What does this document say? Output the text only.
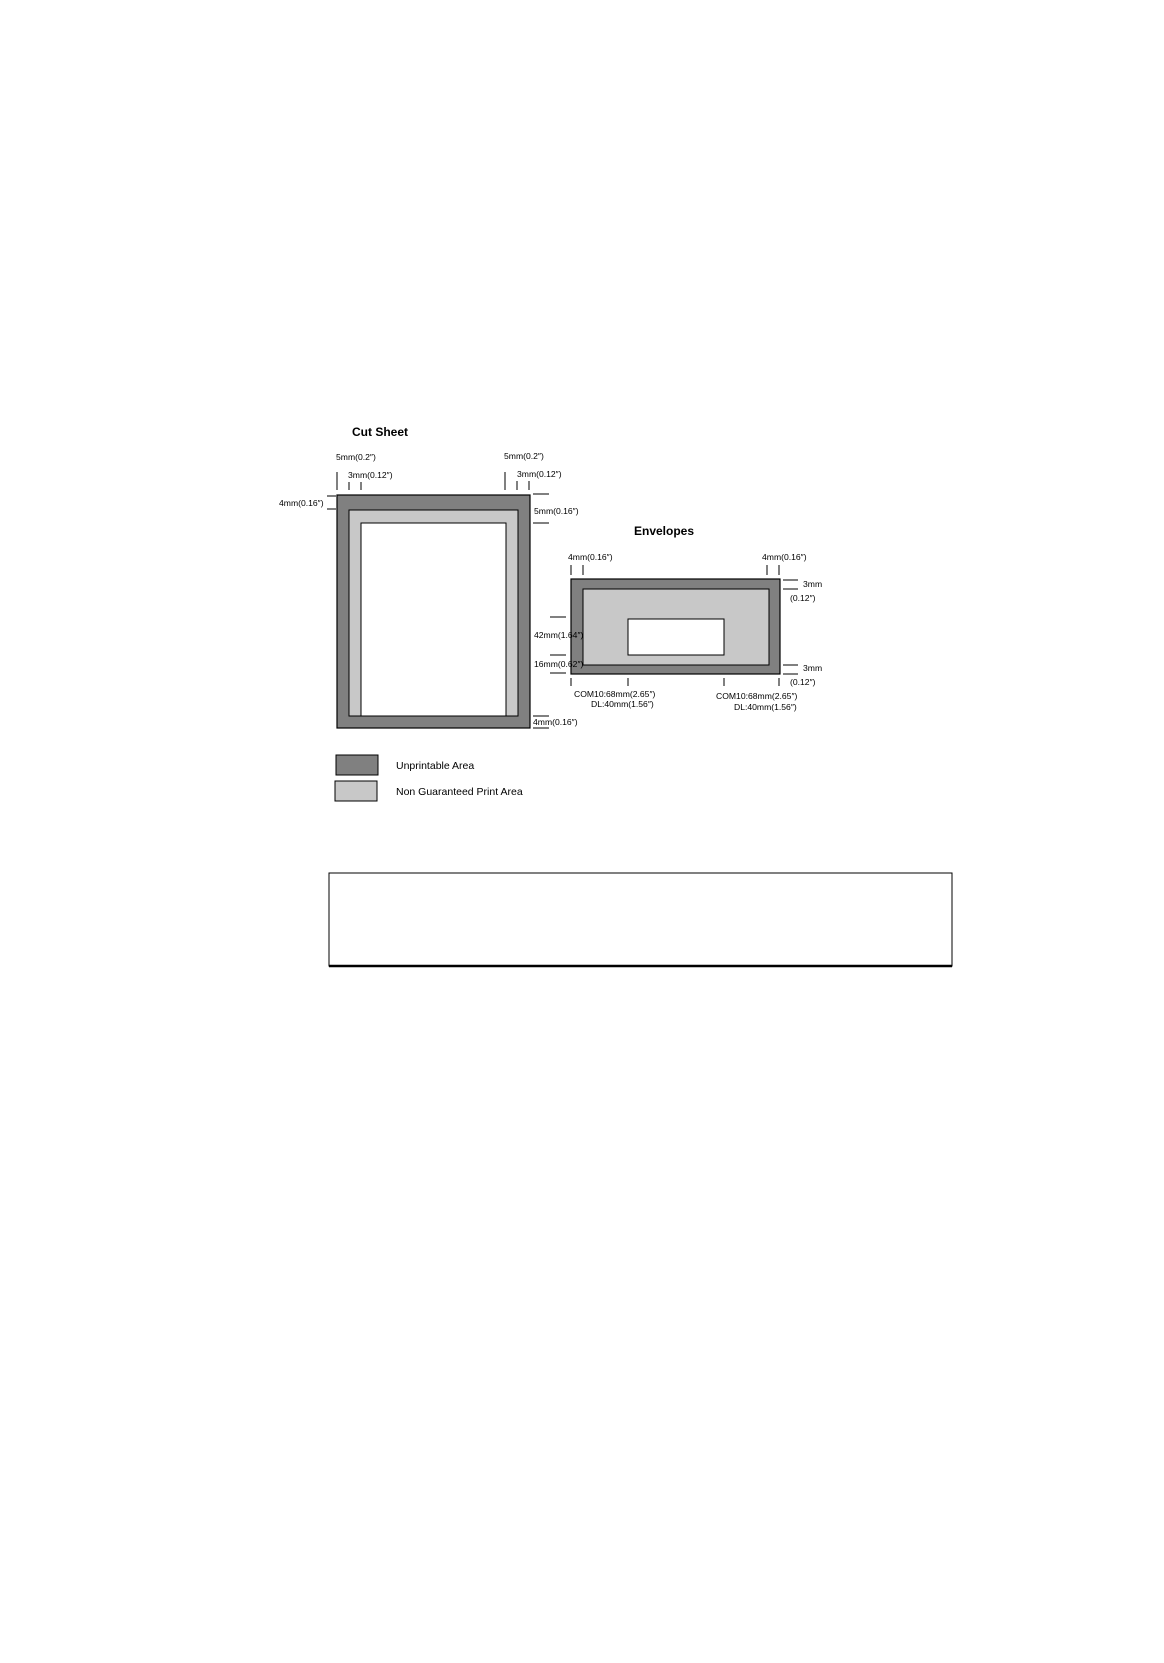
Cut Sheet
5mm(0.2″)
3mm(0.12″)
5mm(0.2″)
3mm(0.12″)
4mm(0.16″)
5mm(0.16″)
4mm(0.16″)
Envelopes
4mm(0.16″)	4mm(0.16″)
3mm
(0.12″)
3mm
(0.12″)
42mm(1.64″)
16mm(0.62″)
COM10:68mm(2.65″)
DL:40mm(1.56″)
COM10:68mm(2.65″)
DL:40mm(1.56″)
Unprintable Area
Non Guaranteed Print Area
